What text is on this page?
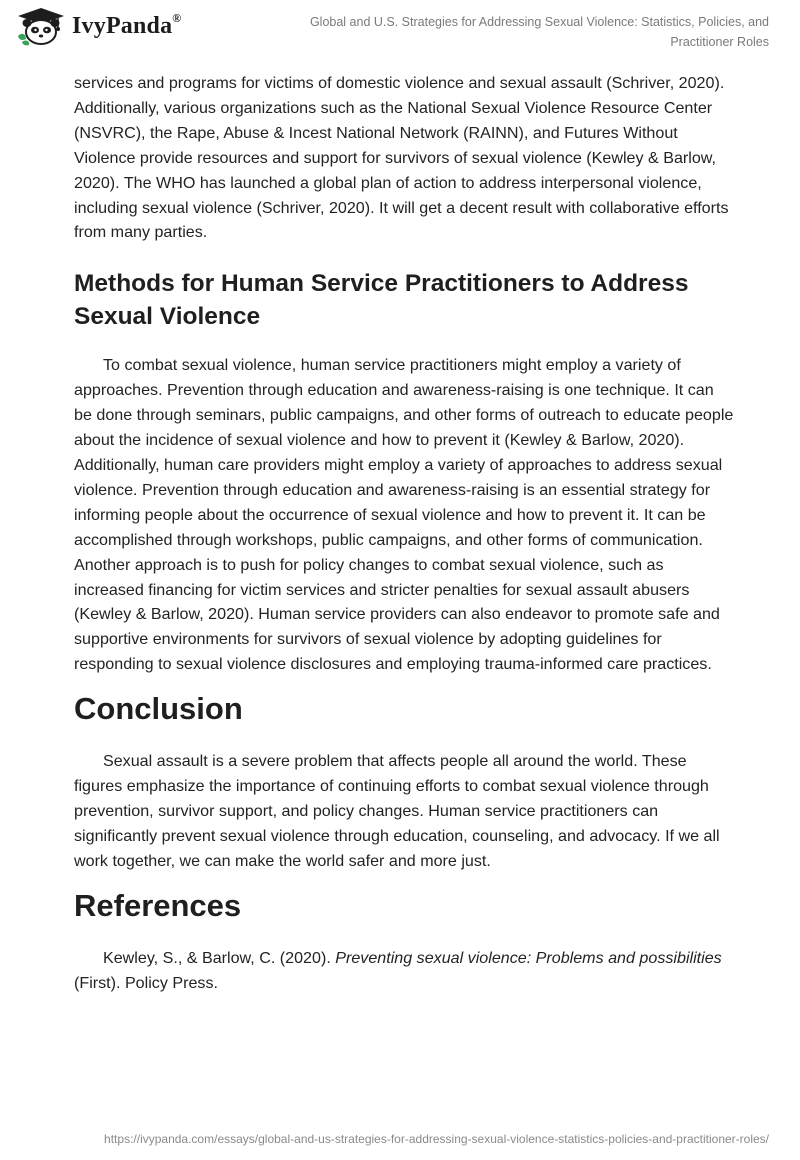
IvyPanda®	Global and U.S. Strategies for Addressing Sexual Violence: Statistics, Policies, and Practitioner Roles

services and programs for victims of domestic violence and sexual assault (Schriver, 2020). Additionally, various organizations such as the National Sexual Violence Resource Center (NSVRC), the Rape, Abuse & Incest National Network (RAINN), and Futures Without Violence provide resources and support for survivors of sexual violence (Kewley & Barlow, 2020). The WHO has launched a global plan of action to address interpersonal violence, including sexual violence (Schriver, 2020). It will get a decent result with collaborative efforts from many parties.

Methods for Human Service Practitioners to Address Sexual Violence

To combat sexual violence, human service practitioners might employ a variety of approaches. Prevention through education and awareness-raising is one technique. It can be done through seminars, public campaigns, and other forms of outreach to educate people about the incidence of sexual violence and how to prevent it (Kewley & Barlow, 2020). Additionally, human care providers might employ a variety of approaches to address sexual violence. Prevention through education and awareness-raising is an essential strategy for informing people about the occurrence of sexual violence and how to prevent it. It can be accomplished through workshops, public campaigns, and other forms of communication. Another approach is to push for policy changes to combat sexual violence, such as increased financing for victim services and stricter penalties for sexual assault abusers (Kewley & Barlow, 2020). Human service providers can also endeavor to promote safe and supportive environments for survivors of sexual violence by adopting guidelines for responding to sexual violence disclosures and employing trauma-informed care practices.

Conclusion

Sexual assault is a severe problem that affects people all around the world. These figures emphasize the importance of continuing efforts to combat sexual violence through prevention, survivor support, and policy changes. Human service practitioners can significantly prevent sexual violence through education, counseling, and advocacy. If we all work together, we can make the world safer and more just.

References

Kewley, S., & Barlow, C. (2020). Preventing sexual violence: Problems and possibilities (First). Policy Press.

https://ivypanda.com/essays/global-and-us-strategies-for-addressing-sexual-violence-statistics-policies-and-practitioner-roles/
